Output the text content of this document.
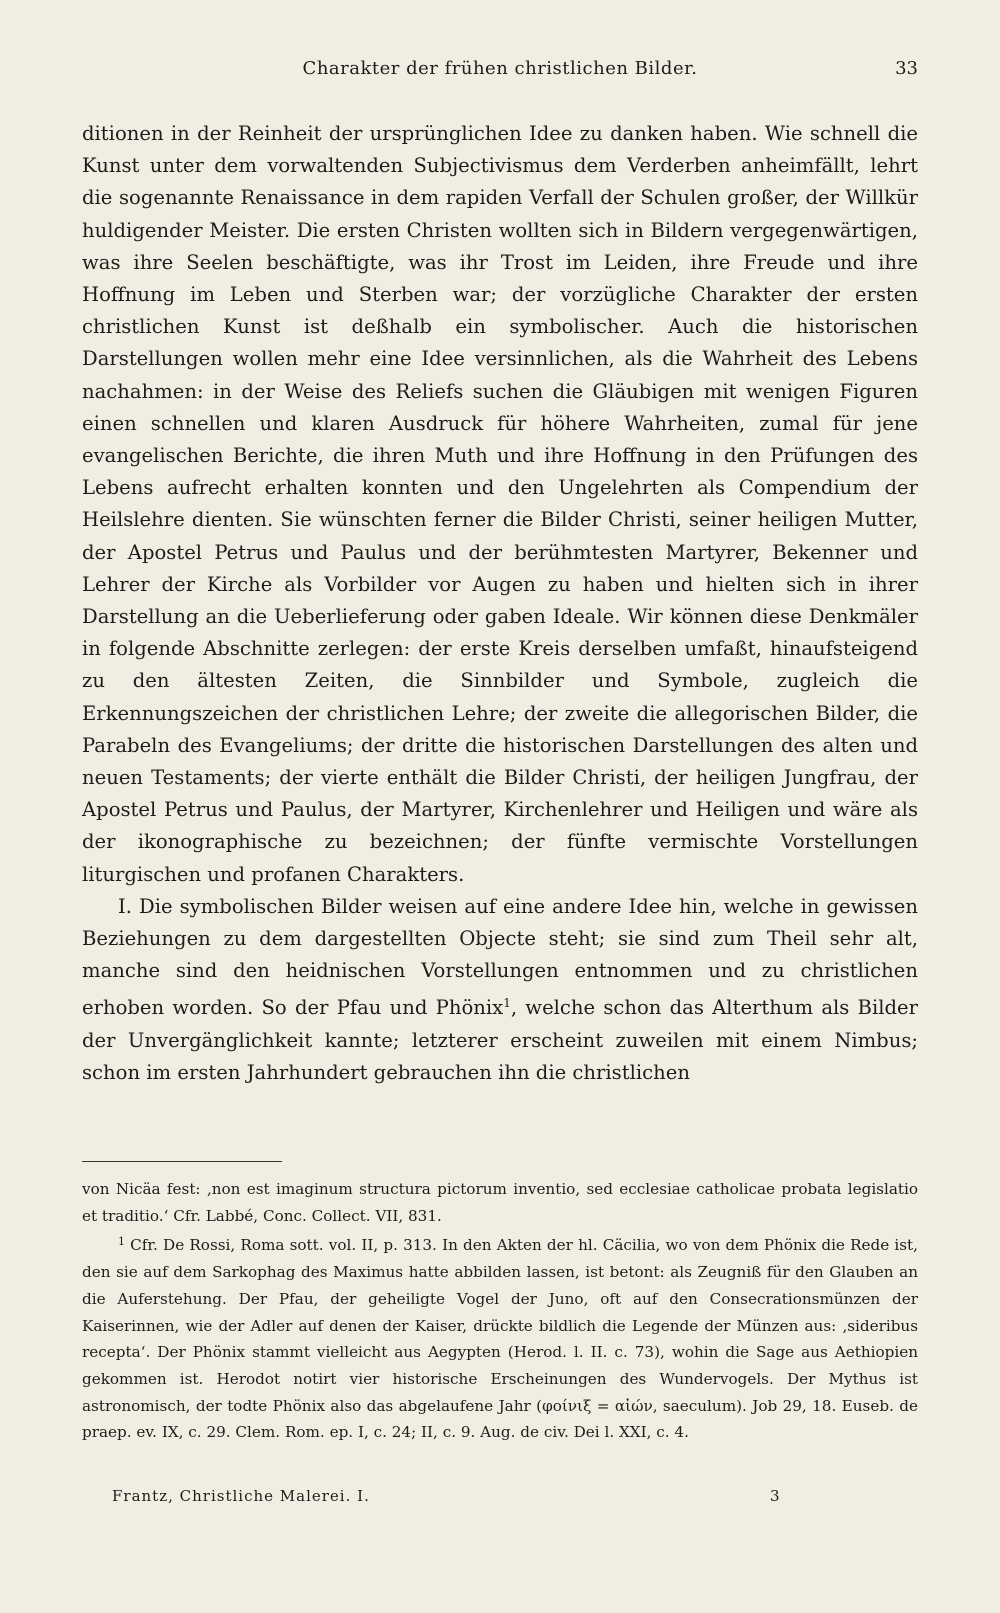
Charakter der frühen christlichen Bilder.	33

ditionen in der Reinheit der ursprünglichen Idee zu danken haben. Wie schnell die Kunst unter dem vorwaltenden Subjectivismus dem Verderben anheimfällt, lehrt die sogenannte Renaissance in dem rapiden Verfall der Schulen großer, der Willkür huldigender Meister. Die ersten Christen wollten sich in Bildern vergegenwärtigen, was ihre Seelen beschäftigte, was ihr Trost im Leiden, ihre Freude und ihre Hoffnung im Leben und Sterben war; der vorzügliche Charakter der ersten christlichen Kunst ist deßhalb ein symbolischer. Auch die historischen Darstellungen wollen mehr eine Idee versinnlichen, als die Wahrheit des Lebens nachahmen: in der Weise des Reliefs suchen die Gläubigen mit wenigen Figuren einen schnellen und klaren Ausdruck für höhere Wahrheiten, zumal für jene evangelischen Berichte, die ihren Muth und ihre Hoffnung in den Prüfungen des Lebens aufrecht erhalten konnten und den Ungelehrten als Compendium der Heilslehre dienten. Sie wünschten ferner die Bilder Christi, seiner heiligen Mutter, der Apostel Petrus und Paulus und der berühmtesten Martyrer, Bekenner und Lehrer der Kirche als Vorbilder vor Augen zu haben und hielten sich in ihrer Darstellung an die Ueberlieferung oder gaben Ideale. Wir können diese Denkmäler in folgende Abschnitte zerlegen: der erste Kreis derselben umfaßt, hinaufsteigend zu den ältesten Zeiten, die Sinnbilder und Symbole, zugleich die Erkennungszeichen der christlichen Lehre; der zweite die allegorischen Bilder, die Parabeln des Evangeliums; der dritte die historischen Darstellungen des alten und neuen Testaments; der vierte enthält die Bilder Christi, der heiligen Jungfrau, der Apostel Petrus und Paulus, der Martyrer, Kirchenlehrer und Heiligen und wäre als der ikonographische zu bezeichnen; der fünfte vermischte Vorstellungen liturgischen und profanen Charakters.

I. Die symbolischen Bilder weisen auf eine andere Idee hin, welche in gewissen Beziehungen zu dem dargestellten Objecte steht; sie sind zum Theil sehr alt, manche sind den heidnischen Vorstellungen entnommen und zu christlichen erhoben worden. So der Pfau und Phönix$^1$, welche schon das Alterthum als Bilder der Unvergänglichkeit kannte; letzterer erscheint zuweilen mit einem Nimbus; schon im ersten Jahrhundert gebrauchen ihn die christlichen

von Nicäa fest: ‚non est imaginum structura pictorum inventio, sed ecclesiae catholicae probata legislatio et traditio.‘ Cfr. Labbé, Conc. Collect. VII, 831.

$^1$ Cfr. De Rossi, Roma sott. vol. II, p. 313. In den Akten der hl. Cäcilia, wo von dem Phönix die Rede ist, den sie auf dem Sarkophag des Maximus hatte abbilden lassen, ist betont: als Zeugniß für den Glauben an die Auferstehung. Der Pfau, der geheiligte Vogel der Juno, oft auf den Consecrationsmünzen der Kaiserinnen, wie der Adler auf denen der Kaiser, drückte bildlich die Legende der Münzen aus: ‚sideribus recepta‘. Der Phönix stammt vielleicht aus Aegypten (Herod. l. II. c. 73), wohin die Sage aus Aethiopien gekommen ist. Herodot notirt vier historische Erscheinungen des Wundervogels. Der Mythus ist astronomisch, der todte Phönix also das abgelaufene Jahr (φοίνιξ = αἰών, saeculum). Job 29, 18. Euseb. de praep. ev. IX, c. 29. Clem. Rom. ep. I, c. 24; II, c. 9. Aug. de civ. Dei l. XXI, c. 4.

Frantz, Christliche Malerei. I.	3
